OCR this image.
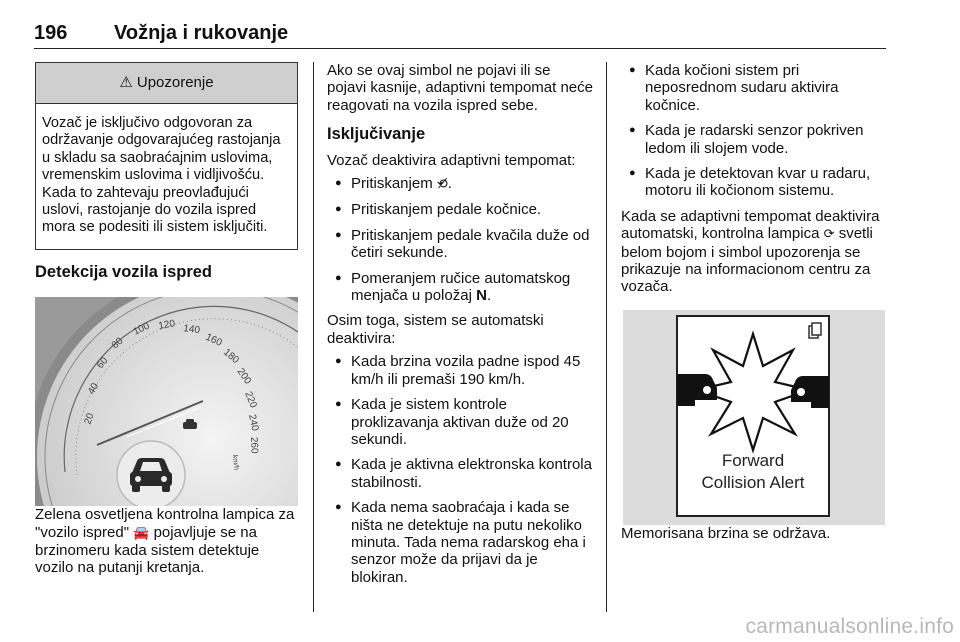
196 Vožnja i rukovanje
⚠ Upozorenje
Vozač je isključivo odgovoran za održavanje odgovarajućeg rastojanja u skladu sa saobraćajnim uslovima, vremenskim uslovima i vidljivošću. Kada to zahtevaju preovlađujući uslovi, rastojanje do vozila ispred mora se podesiti ili sistem isključiti.
Detekcija vozila ispred
20
40
60
80
100 120 140
160
180
200
220
240
260
km/h

Zelena osvetljena kontrolna lampica za "vozilo ispred" 🚘 pojavljuje se na brzinomeru kada sistem detektuje vozilo na putanji kretanja.

Ako se ovaj simbol ne pojavi ili se pojavi kasnije, adaptivni tempomat neće reagovati na vozila ispred sebe.

Isključivanje

Vozač deaktivira adaptivni tempomat:

● Pritiskanjem ⟲̸.
● Pritiskanjem pedale kočnice.
● Pritiskanjem pedale kvačila duže od četiri sekunde.
● Pomeranjem ručice automatskog menjača u položaj N.

Osim toga, sistem se automatski deaktivira:

● Kada brzina vozila padne ispod 45 km/h ili premaši 190 km/h.
● Kada je sistem kontrole proklizavanja aktivan duže od 20 sekundi.
● Kada je aktivna elektronska kontrola stabilnosti.
● Kada nema saobraćaja i kada se ništa ne detektuje na putu nekoliko minuta. Tada nema radarskog eha i senzor može da prijavi da je blokiran.
● Kada kočioni sistem pri neposrednom sudaru aktivira kočnice.
● Kada je radarski senzor pokriven ledom ili slojem vode.
● Kada je detektovan kvar u radaru, motoru ili kočionom sistemu.

Kada se adaptivni tempomat deaktivira automatski, kontrolna lampica ⟳ svetli belom bojom i simbol upozorenja se prikazuje na informacionom centru za vozača.

Forward
Collision Alert

Memorisana brzina se održava.

carmanualsonline.info
